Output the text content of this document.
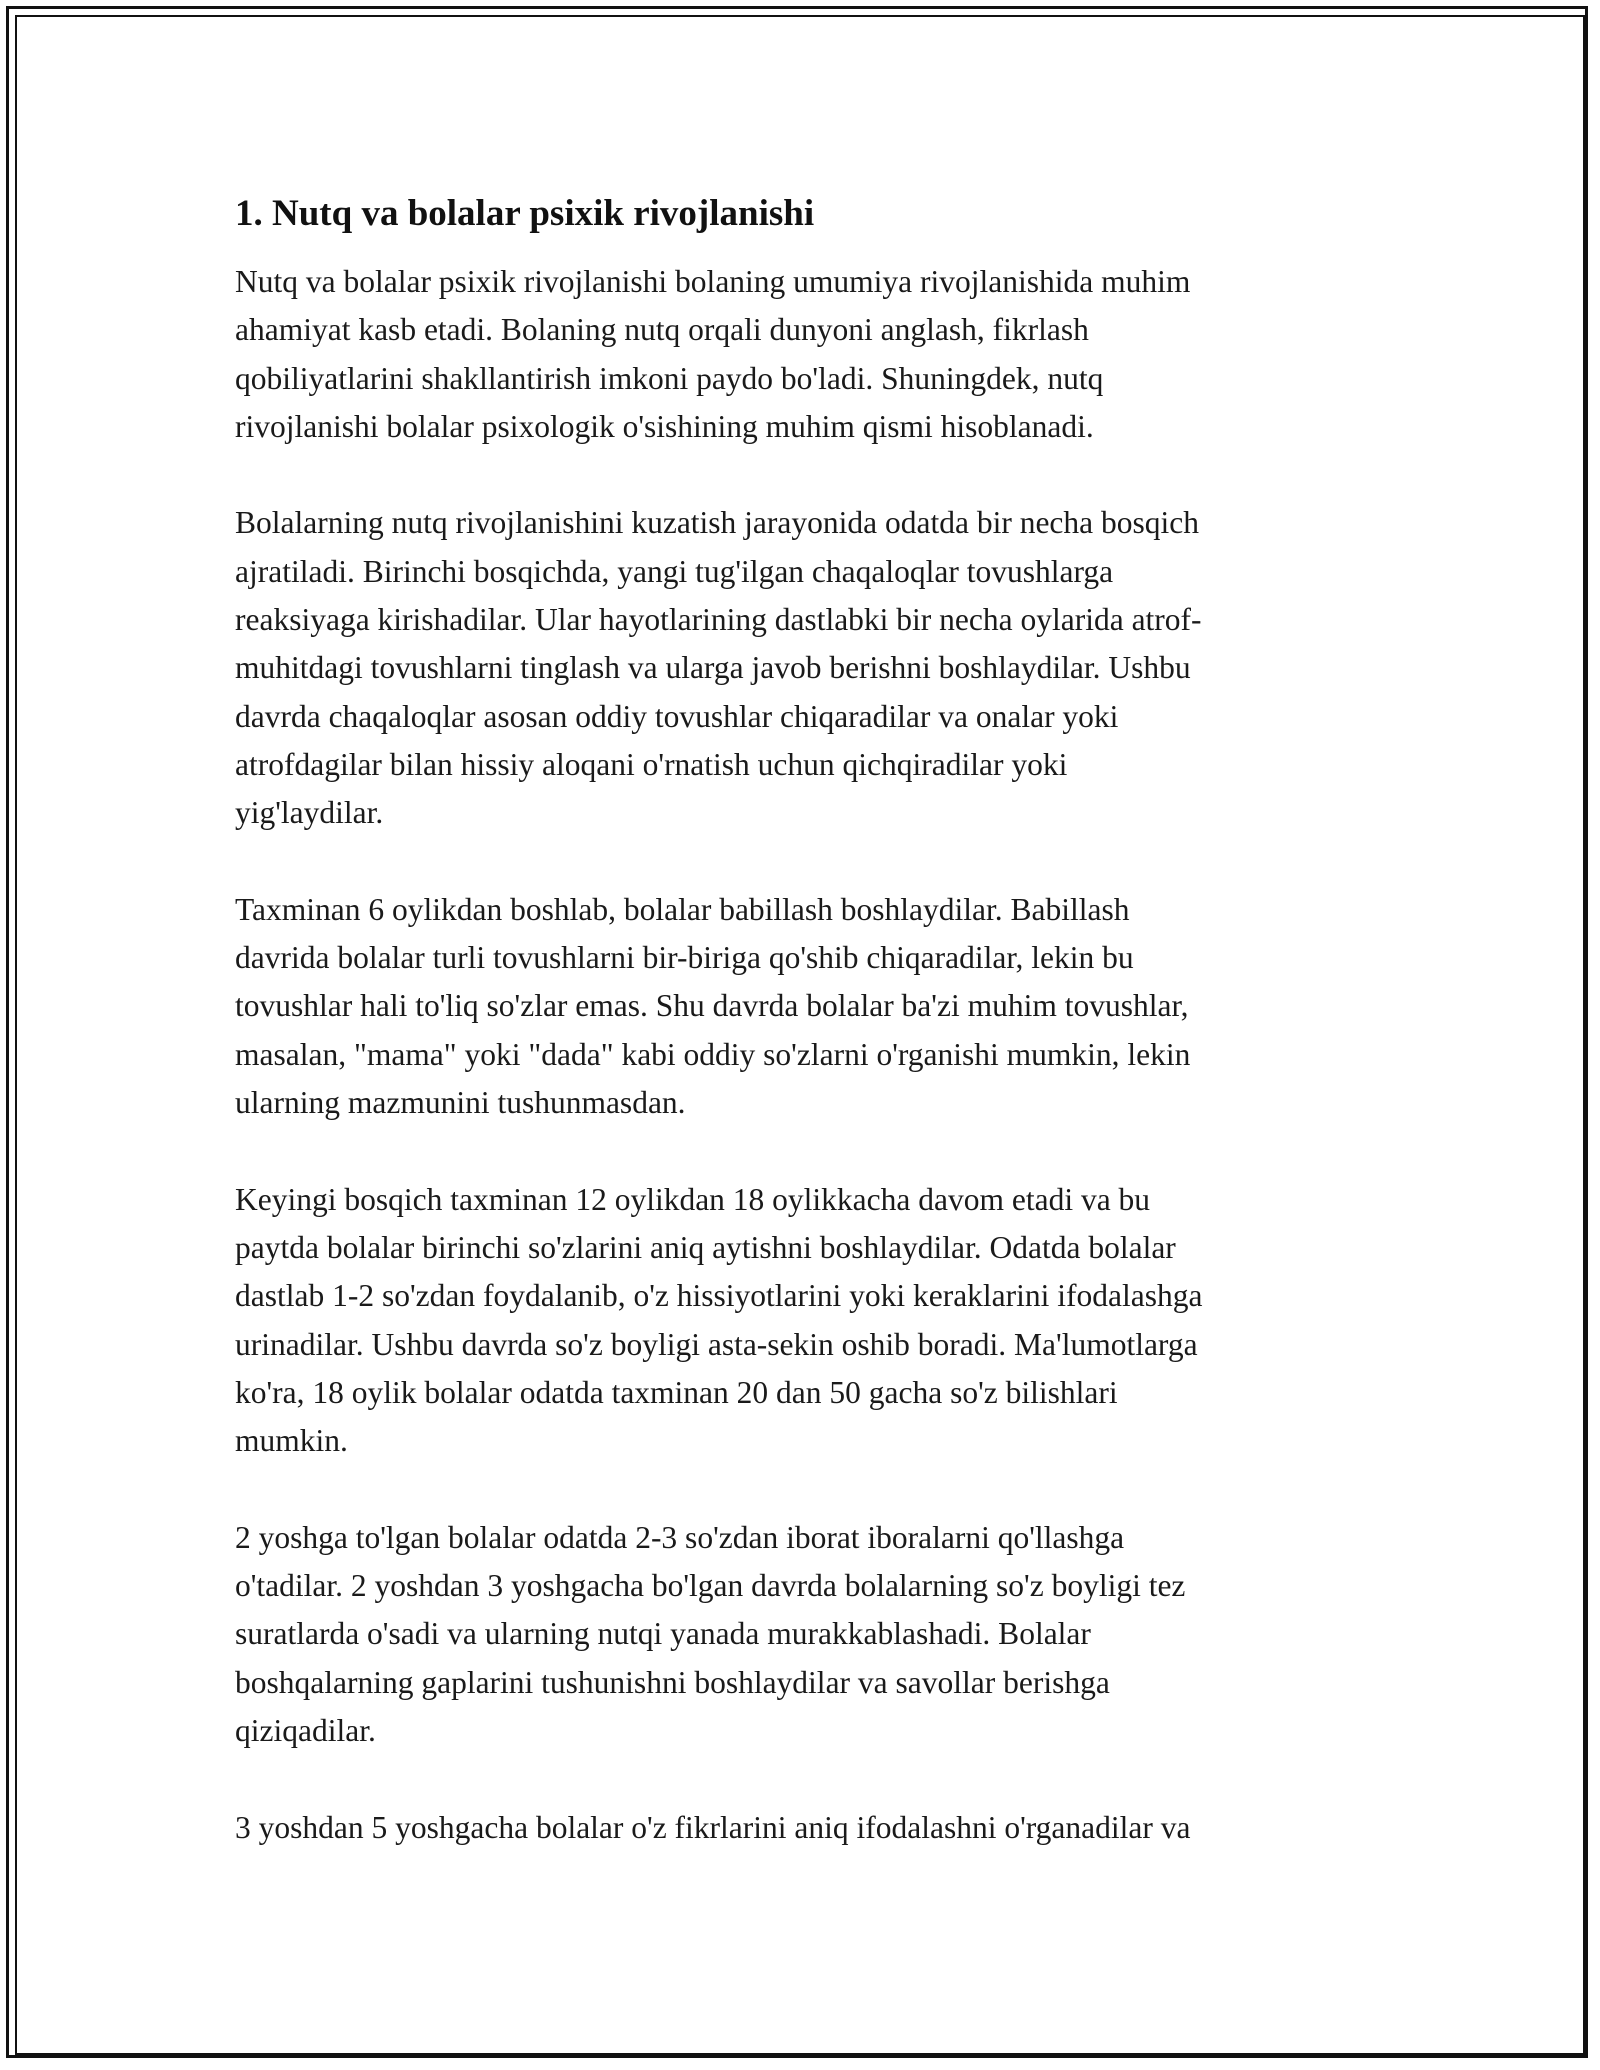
1. Nutq va bolalar psixik rivojlanishi

Nutq va bolalar psixik rivojlanishi bolaning umumiya rivojlanishida muhim
ahamiyat kasb etadi. Bolaning nutq orqali dunyoni anglash, fikrlash
qobiliyatlarini shakllantirish imkoni paydo bo'ladi. Shuningdek, nutq
rivojlanishi bolalar psixologik o'sishining muhim qismi hisoblanadi.

Bolalarning nutq rivojlanishini kuzatish jarayonida odatda bir necha bosqich
ajratiladi. Birinchi bosqichda, yangi tug'ilgan chaqaloqlar tovushlarga
reaksiyaga kirishadilar. Ular hayotlarining dastlabki bir necha oylarida atrof-
muhitdagi tovushlarni tinglash va ularga javob berishni boshlaydilar. Ushbu
davrda chaqaloqlar asosan oddiy tovushlar chiqaradilar va onalar yoki
atrofdagilar bilan hissiy aloqani o'rnatish uchun qichqiradilar yoki
yig'laydilar.

Taxminan 6 oylikdan boshlab, bolalar babillash boshlaydilar. Babillash
davrida bolalar turli tovushlarni bir-biriga qo'shib chiqaradilar, lekin bu
tovushlar hali to'liq so'zlar emas. Shu davrda bolalar ba'zi muhim tovushlar,
masalan, "mama" yoki "dada" kabi oddiy so'zlarni o'rganishi mumkin, lekin
ularning mazmunini tushunmasdan.

Keyingi bosqich taxminan 12 oylikdan 18 oylikkacha davom etadi va bu
paytda bolalar birinchi so'zlarini aniq aytishni boshlaydilar. Odatda bolalar
dastlab 1-2 so'zdan foydalanib, o'z hissiyotlarini yoki keraklarini ifodalashga
urinadilar. Ushbu davrda so'z boyligi asta-sekin oshib boradi. Ma'lumotlarga
ko'ra, 18 oylik bolalar odatda taxminan 20 dan 50 gacha so'z bilishlari
mumkin.

2 yoshga to'lgan bolalar odatda 2-3 so'zdan iborat iboralarni qo'llashga
o'tadilar. 2 yoshdan 3 yoshgacha bo'lgan davrda bolalarning so'z boyligi tez
suratlarda o'sadi va ularning nutqi yanada murakkablashadi. Bolalar
boshqalarning gaplarini tushunishni boshlaydilar va savollar berishga
qiziqadilar.

3 yoshdan 5 yoshgacha bolalar o'z fikrlarini aniq ifodalashni o'rganadilar va
